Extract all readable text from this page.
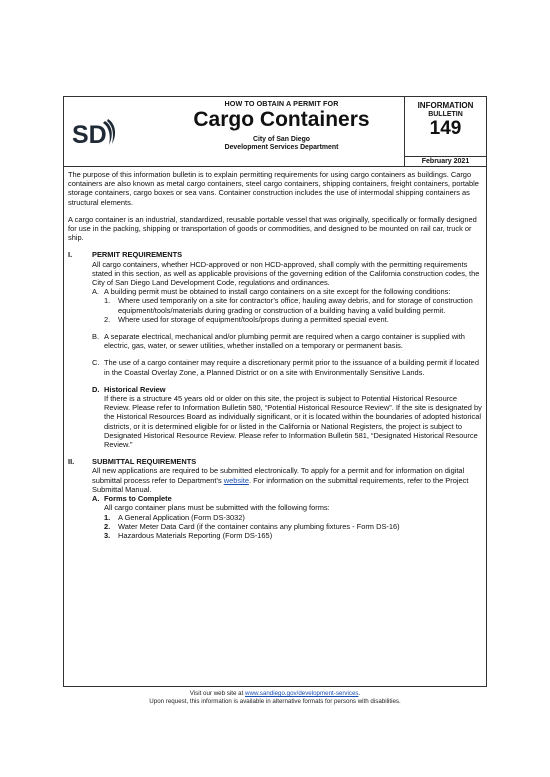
SD
HOW TO OBTAIN A PERMIT FOR
Cargo Containers
City of San Diego
Development Services Department
INFORMATION
BULLETIN
149
February 2021

The purpose of this information bulletin is to explain permitting requirements for using cargo containers as buildings. Cargo containers are also known as metal cargo containers, steel cargo containers, shipping containers, freight containers, portable storage containers, cargo boxes or sea vans. Container construction includes the use of intermodal shipping containers as structural elements.

A cargo container is an industrial, standardized, reusable portable vessel that was originally, specifically or formally designed for use in the packing, shipping or transportation of goods or commodities, and designed to be mounted on rail car, truck or ship.

I.	PERMIT REQUIREMENTS

All cargo containers, whether HCD-approved or non HCD-approved, shall comply with the permitting requirements stated in this section, as well as applicable provisions of the governing edition of the California construction codes, the City of San Diego Land Development Code, regulations and ordinances.

A. A building permit must be obtained to install cargo containers on a site except for the following conditions:
1.	Where used temporarily on a site for contractor’s office, hauling away debris, and for storage of construction equipment/tools/materials during grading or construction of a building having a valid building permit.
2.	Where used for storage of equipment/tools/props during a permitted special event.
B. A separate electrical, mechanical and/or plumbing permit are required when a cargo container is supplied with electric, gas, water, or sewer utilities, whether installed on a temporary or permanent basis.
C. The use of a cargo container may require a discretionary permit prior to the issuance of a building permit if located in the Coastal Overlay Zone, a Planned District or on a site with Environmentally Sensitive Lands.
D. Historical Review
If there is a structure 45 years old or older on this site, the project is subject to Potential Historical Resource Review. Please refer to Information Bulletin 580, “Potential Historical Resource Review”. If the site is designated by the Historical Resources Board as individually significant, or it is located within the boundaries of adopted historical districts, or it is determined eligible for or listed in the California or National Registers, the project is subject to Designated Historical Resource Review. Please refer to Information Bulletin 581, “Designated Historical Resource Review.”
II.	SUBMITTAL REQUIREMENTS

All new applications are required to be submitted electronically. To apply for a permit and for information on digital submittal process refer to Department’s website. For information on the submittal requirements, refer to the Project Submittal Manual.

A. Forms to Complete
All cargo container plans must be submitted with the following forms:
1.	A General Application (Form DS-3032)
2.	Water Meter Data Card (if the container contains any plumbing fixtures - Form DS-16)
3.	Hazardous Materials Reporting (Form DS-165)
Visit our web site at www.sandiego.gov/development-services.
Upon request, this information is available in alternative formats for persons with disabilities.
